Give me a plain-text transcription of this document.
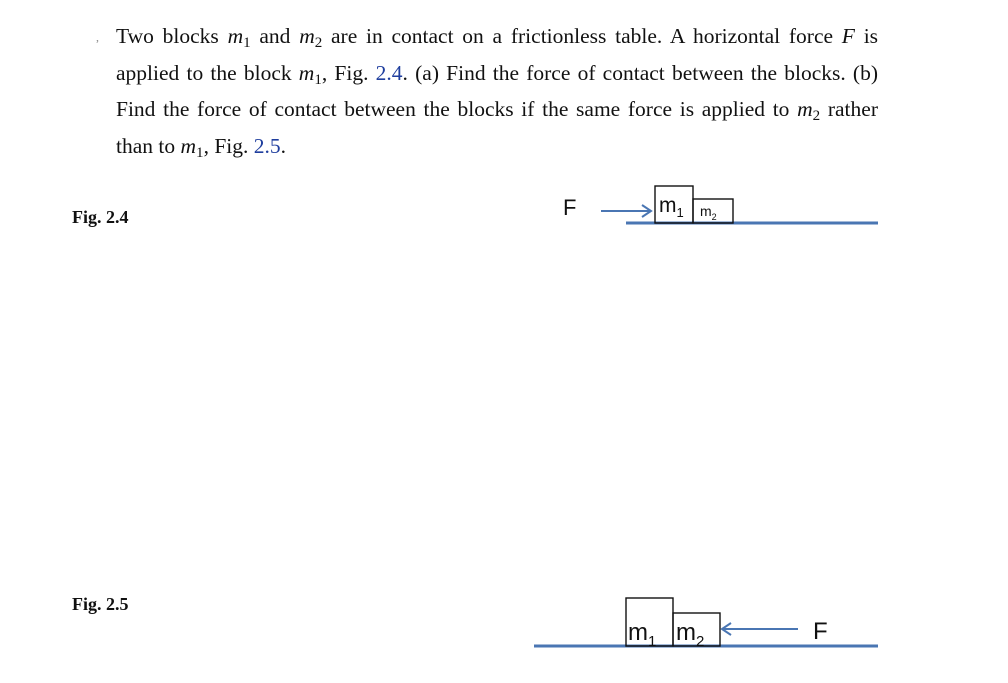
, Two blocks $m_1$ and $m_2$ are in contact on a frictionless table. A horizontal force F is applied to the block $m_1$, Fig. 2.4. (a) Find the force of contact between the blocks. (b) Find the force of contact between the blocks if the same force is applied to $m_2$ rather than to $m_1$, Fig. 2.5.
Fig. 2.4
Fig. 2.5
F	$m_1$ $m_2$
$m_1$ $m_2$	F
